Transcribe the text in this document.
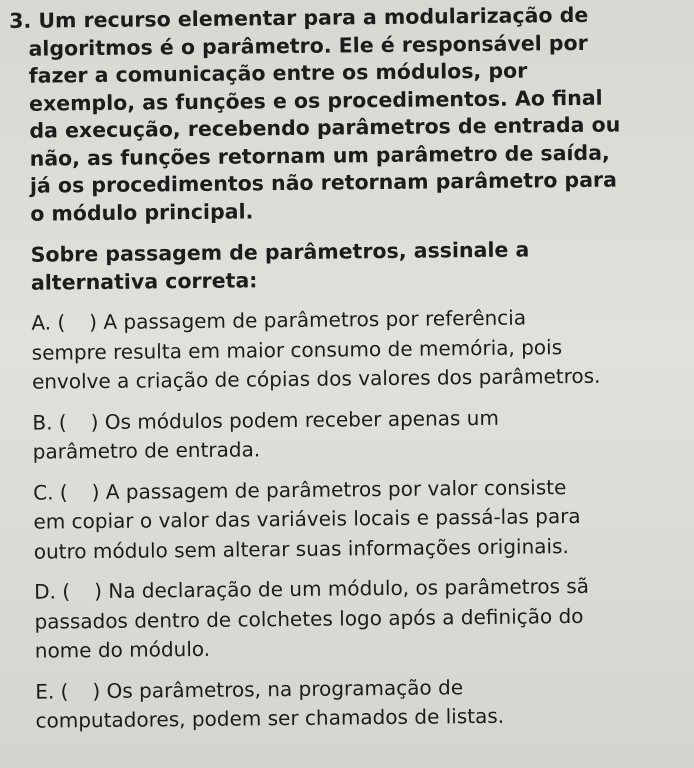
3. Um recurso elementar para a modularização de
algoritmos é o parâmetro. Ele é responsável por
fazer a comunicação entre os módulos, por
exemplo, as funções e os procedimentos. Ao final
da execução, recebendo parâmetros de entrada ou
não, as funções retornam um parâmetro de saída,
já os procedimentos não retornam parâmetro para
o módulo principal.
Sobre passagem de parâmetros, assinale a
alternativa correta:
A. ( ) A passagem de parâmetros por referência
sempre resulta em maior consumo de memória, pois
envolve a criação de cópias dos valores dos parâmetros.
B. ( ) Os módulos podem receber apenas um
parâmetro de entrada.
C. ( ) A passagem de parâmetros por valor consiste
em copiar o valor das variáveis locais e passá-las para
outro módulo sem alterar suas informações originais.
D. ( ) Na declaração de um módulo, os parâmetros sã
passados dentro de colchetes logo após a definição do
nome do módulo.
E. ( ) Os parâmetros, na programação de
computadores, podem ser chamados de listas.
